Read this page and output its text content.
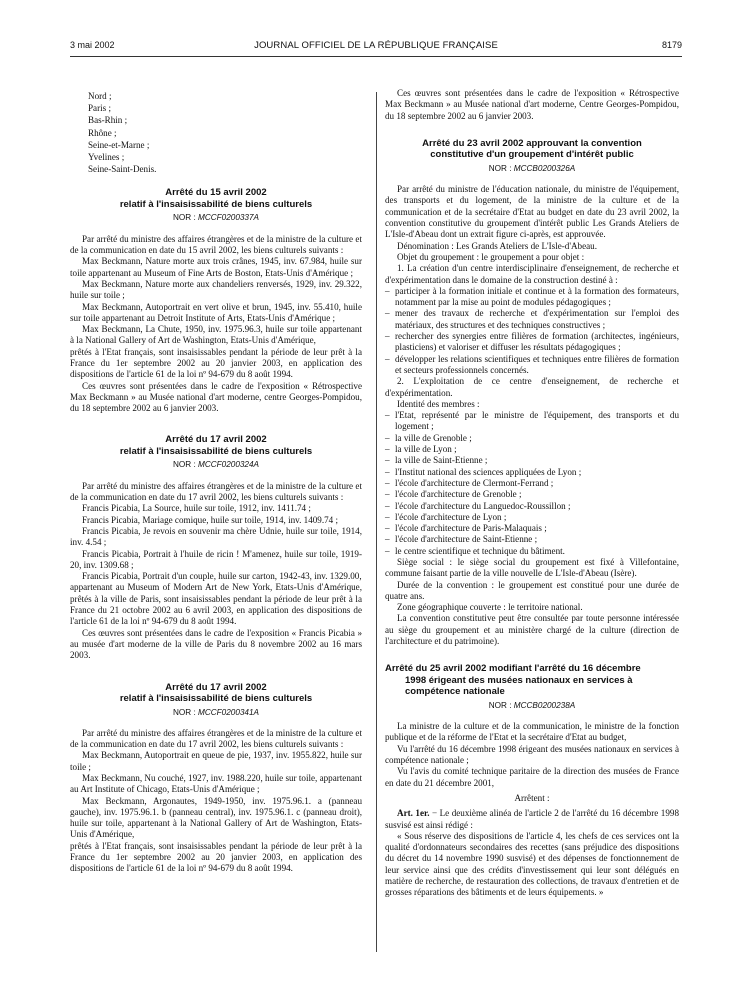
3 mai 2002	JOURNAL OFFICIEL DE LA RÉPUBLIQUE FRANÇAISE	8179
Nord ;
Paris ;
Bas-Rhin ;
Rhône ;
Seine-et-Marne ;
Yvelines ;
Seine-Saint-Denis.
Arrêté du 15 avril 2002
relatif à l'insaisissabilité de biens culturels
NOR : MCCF0200337A

Par arrêté du ministre des affaires étrangères et de la ministre de la culture et de la communication en date du 15 avril 2002, les biens culturels suivants :

Max Beckmann, Nature morte aux trois crânes, 1945, inv. 67.984, huile sur toile appartenant au Museum of Fine Arts de Boston, Etats-Unis d'Amérique ;

Max Beckmann, Nature morte aux chandeliers renversés, 1929, inv. 29.322, huile sur toile ;

Max Beckmann, Autoportrait en vert olive et brun, 1945, inv. 55.410, huile sur toile appartenant au Detroit Institute of Arts, Etats-Unis d'Amérique ;

Max Beckmann, La Chute, 1950, inv. 1975.96.3, huile sur toile appartenant à la National Gallery of Art de Washington, Etats-Unis d'Amérique,

prêtés à l'Etat français, sont insaisissables pendant la période de leur prêt à la France du 1er septembre 2002 au 20 janvier 2003, en application des dispositions de l'article 61 de la loi nº 94-679 du 8 août 1994.

Ces œuvres sont présentées dans le cadre de l'exposition « Rétrospective Max Beckmann » au Musée national d'art moderne, centre Georges-Pompidou, du 18 septembre 2002 au 6 janvier 2003.

Arrêté du 17 avril 2002
relatif à l'insaisissabilité de biens culturels
NOR : MCCF0200324A

Par arrêté du ministre des affaires étrangères et de la ministre de la culture et de la communication en date du 17 avril 2002, les biens culturels suivants :

Francis Picabia, La Source, huile sur toile, 1912, inv. 1411.74 ;

Francis Picabia, Mariage comique, huile sur toile, 1914, inv. 1409.74 ;

Francis Picabia, Je revois en souvenir ma chère Udnie, huile sur toile, 1914, inv. 4.54 ;

Francis Picabia, Portrait à l'huile de ricin ! M'amenez, huile sur toile, 1919-20, inv. 1309.68 ;

Francis Picabia, Portrait d'un couple, huile sur carton, 1942-43, inv. 1329.00,

appartenant au Museum of Modern Art de New York, Etats-Unis d'Amérique, prêtés à la ville de Paris, sont insaisissables pendant la période de leur prêt à la France du 21 octobre 2002 au 6 avril 2003, en application des dispositions de l'article 61 de la loi nº 94-679 du 8 août 1994.

Ces œuvres sont présentées dans le cadre de l'exposition « Francis Picabia » au musée d'art moderne de la ville de Paris du 8 novembre 2002 au 16 mars 2003.

Arrêté du 17 avril 2002
relatif à l'insaisissabilité de biens culturels
NOR : MCCF0200341A

Par arrêté du ministre des affaires étrangères et de la ministre de la culture et de la communication en date du 17 avril 2002, les biens culturels suivants :

Max Beckmann, Autoportrait en queue de pie, 1937, inv. 1955.822, huile sur toile ;

Max Beckmann, Nu couché, 1927, inv. 1988.220, huile sur toile, appartenant au Art Institute of Chicago, Etats-Unis d'Amérique ;

Max Beckmann, Argonautes, 1949-1950, inv. 1975.96.1. a (panneau gauche), inv. 1975.96.1. b (panneau central), inv. 1975.96.1. c (panneau droit), huile sur toile, appartenant à la National Gallery of Art de Washington, Etats-Unis d'Amérique,

prêtés à l'Etat français, sont insaisissables pendant la période de leur prêt à la France du 1er septembre 2002 au 20 janvier 2003, en application des dispositions de l'article 61 de la loi nº 94-679 du 8 août 1994.

Ces œuvres sont présentées dans le cadre de l'exposition « Rétrospective Max Beckmann » au Musée national d'art moderne, Centre Georges-Pompidou, du 18 septembre 2002 au 6 janvier 2003.

Arrêté du 23 avril 2002 approuvant la convention
constitutive d'un groupement d'intérêt public
NOR : MCCB0200326A

Par arrêté du ministre de l'éducation nationale, du ministre de l'équipement, des transports et du logement, de la ministre de la culture et de la communication et de la secrétaire d'Etat au budget en date du 23 avril 2002, la convention constitutive du groupement d'intérêt public Les Grands Ateliers de L'Isle-d'Abeau dont un extrait figure ci-après, est approuvée.

Dénomination : Les Grands Ateliers de L'Isle-d'Abeau.

Objet du groupement : le groupement a pour objet :

1. La création d'un centre interdisciplinaire d'enseignement, de recherche et d'expérimentation dans le domaine de la construction destiné à :

– participer à la formation initiale et continue et à la formation des formateurs, notamment par la mise au point de modules pédagogiques ;

– mener des travaux de recherche et d'expérimentation sur l'emploi des matériaux, des structures et des techniques constructives ;

– rechercher des synergies entre filières de formation (architectes, ingénieurs, plasticiens) et valoriser et diffuser les résultats pédagogiques ;

– développer les relations scientifiques et techniques entre filières de formation et secteurs professionnels concernés.

2. L'exploitation de ce centre d'enseignement, de recherche et d'expérimentation.

Identité des membres :

– l'Etat, représenté par le ministre de l'équipement, des transports et du logement ;

– la ville de Grenoble ;

– la ville de Lyon ;

– la ville de Saint-Etienne ;

– l'Institut national des sciences appliquées de Lyon ;

– l'école d'architecture de Clermont-Ferrand ;

– l'école d'architecture de Grenoble ;

– l'école d'architecture du Languedoc-Roussillon ;

– l'école d'architecture de Lyon ;

– l'école d'architecture de Paris-Malaquais ;

– l'école d'architecture de Saint-Etienne ;

– le centre scientifique et technique du bâtiment.

Siège social : le siège social du groupement est fixé à Villefontaine, commune faisant partie de la ville nouvelle de L'Isle-d'Abeau (Isère).

Durée de la convention : le groupement est constitué pour une durée de quatre ans.

Zone géographique couverte : le territoire national.

La convention constitutive peut être consultée par toute personne intéressée au siège du groupement et au ministère chargé de la culture (direction de l'architecture et du patrimoine).

Arrêté du 25 avril 2002 modifiant l'arrêté du 16 décembre
1998 érigeant des musées nationaux en services à
compétence nationale
NOR : MCCB0200238A

La ministre de la culture et de la communication, le ministre de la fonction publique et de la réforme de l'Etat et la secrétaire d'Etat au budget,

Vu l'arrêté du 16 décembre 1998 érigeant des musées nationaux en services à compétence nationale ;

Vu l'avis du comité technique paritaire de la direction des musées de France en date du 21 décembre 2001,

Arrêtent :

Art. 1er. − Le deuxième alinéa de l'article 2 de l'arrêté du 16 décembre 1998 susvisé est ainsi rédigé :

« Sous réserve des dispositions de l'article 4, les chefs de ces services ont la qualité d'ordonnateurs secondaires des recettes (sans préjudice des dispositions du décret du 14 novembre 1990 susvisé) et des dépenses de fonctionnement de leur service ainsi que des crédits d'investissement qui leur sont délégués en matière de recherche, de restauration des collections, de travaux d'entretien et de grosses réparations des bâtiments et de leurs équipements. »
